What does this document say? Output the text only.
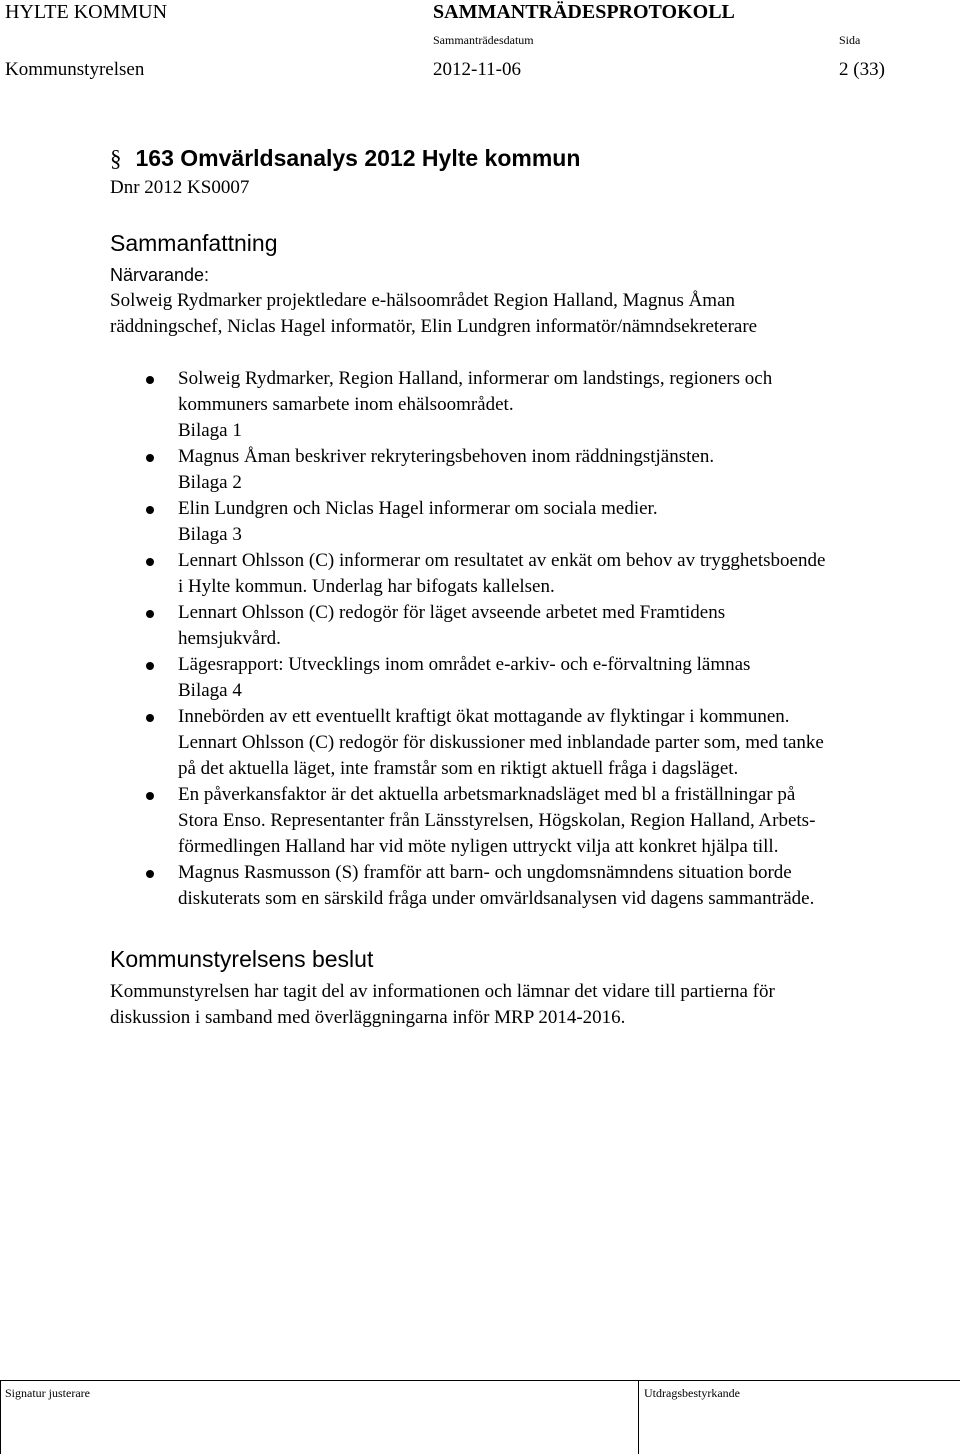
HYLTE KOMMUN	SAMMANTRÄDESPROTOKOLL
Sammanträdesdatum	Sida
Kommunstyrelsen	2012-11-06	2 (33)
§ 163 Omvärldsanalys 2012 Hylte kommun
Dnr 2012 KS0007
Sammanfattning
Närvarande:
Solweig Rydmarker projektledare e-hälsoområdet Region Halland, Magnus Åman
räddningschef, Niclas Hagel informatör, Elin Lundgren informatör/nämndsekreterare
Solweig Rydmarker, Region Halland, informerar om landstings, regioners och
kommuners samarbete inom ehälsoområdet.
Bilaga 1
Magnus Åman beskriver rekryteringsbehoven inom räddningstjänsten.
Bilaga 2
Elin Lundgren och Niclas Hagel informerar om sociala medier.
Bilaga 3
Lennart Ohlsson (C) informerar om resultatet av enkät om behov av trygghetsboende
i Hylte kommun. Underlag har bifogats kallelsen.
Lennart Ohlsson (C) redogör för läget avseende arbetet med Framtidens
hemsjukvård.
Lägesrapport: Utvecklings inom området e-arkiv- och e-förvaltning lämnas
Bilaga 4
Innebörden av ett eventuellt kraftigt ökat mottagande av flyktingar i kommunen.
Lennart Ohlsson (C) redogör för diskussioner med inblandade parter som, med tanke
på det aktuella läget, inte framstår som en riktigt aktuell fråga i dagsläget.
En påverkansfaktor är det aktuella arbetsmarknadsläget med bl a friställningar på
Stora Enso. Representanter från Länsstyrelsen, Högskolan, Region Halland, Arbets-
förmedlingen Halland har vid möte nyligen uttryckt vilja att konkret hjälpa till.
Magnus Rasmusson (S) framför att barn- och ungdomsnämndens situation borde
diskuterats som en särskild fråga under omvärldsanalysen vid dagens sammanträde.
Kommunstyrelsens beslut
Kommunstyrelsen har tagit del av informationen och lämnar det vidare till partierna för
diskussion i samband med överläggningarna inför MRP 2014-2016.
Signatur justerare	Utdragsbestyrkande
